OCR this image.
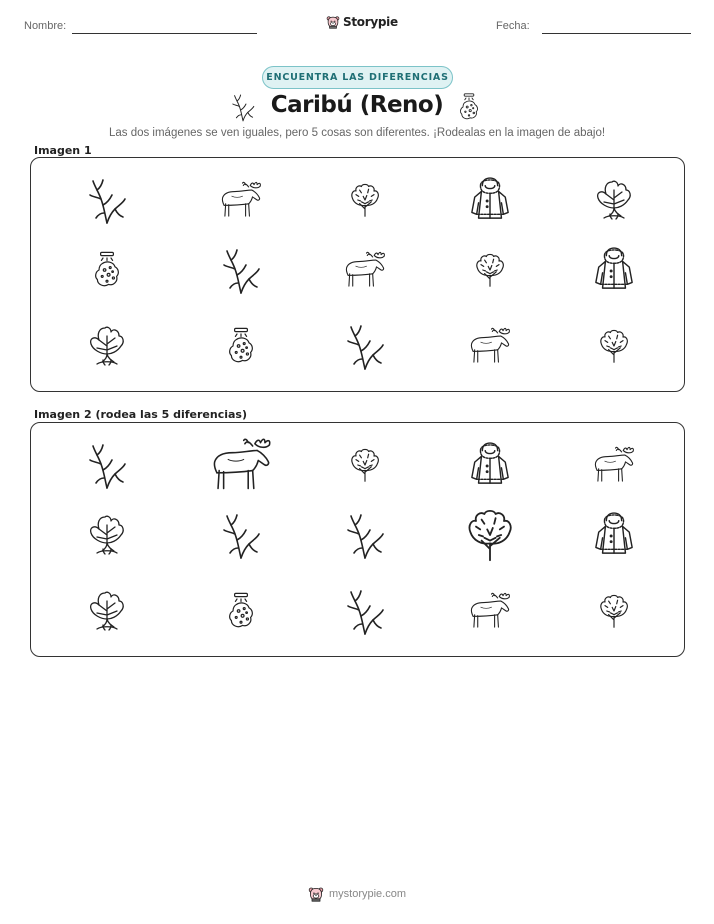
Nombre:	Storypie	Fecha:
ENCUENTRA LAS DIFERENCIAS
Caribú (Reno)
Las dos imágenes se ven iguales, pero 5 cosas son diferentes. ¡Rodealas en la imagen de abajo!
Imagen 1
Imagen 2 (rodea las 5 diferencias)
mystorypie.com
